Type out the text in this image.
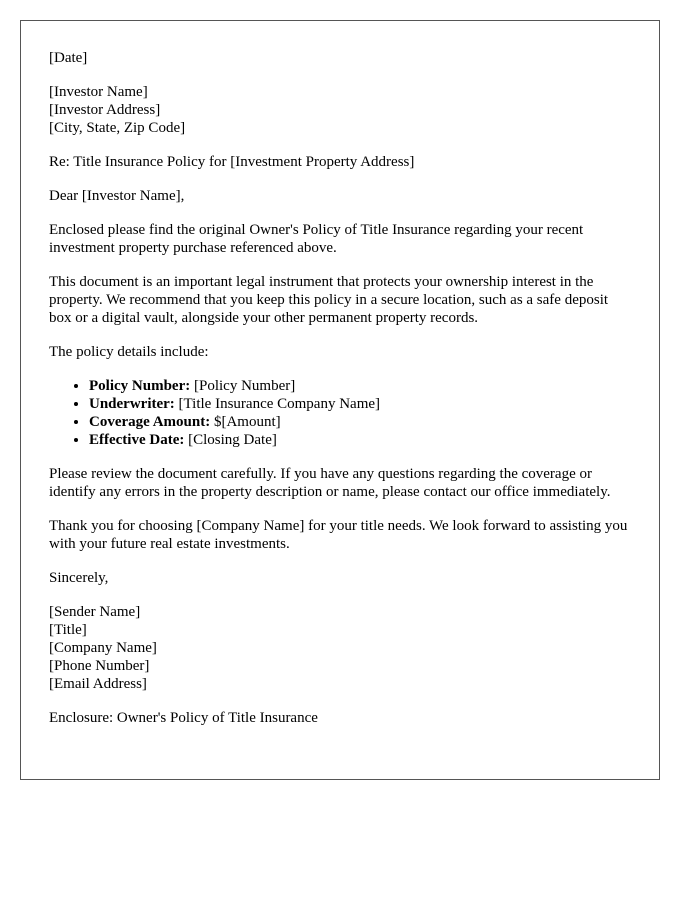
[Date]

[Investor Name]
[Investor Address]
[City, State, Zip Code]

Re: Title Insurance Policy for [Investment Property Address]

Dear [Investor Name],

Enclosed please find the original Owner's Policy of Title Insurance regarding your recent investment property purchase referenced above.

This document is an important legal instrument that protects your ownership interest in the property. We recommend that you keep this policy in a secure location, such as a safe deposit box or a digital vault, alongside your other permanent property records.

The policy details include:

• Policy Number: [Policy Number]
• Underwriter: [Title Insurance Company Name]
• Coverage Amount: $[Amount]
• Effective Date: [Closing Date]

Please review the document carefully. If you have any questions regarding the coverage or identify any errors in the property description or name, please contact our office immediately.

Thank you for choosing [Company Name] for your title needs. We look forward to assisting you with your future real estate investments.

Sincerely,

[Sender Name]
[Title]
[Company Name]
[Phone Number]
[Email Address]

Enclosure: Owner's Policy of Title Insurance
